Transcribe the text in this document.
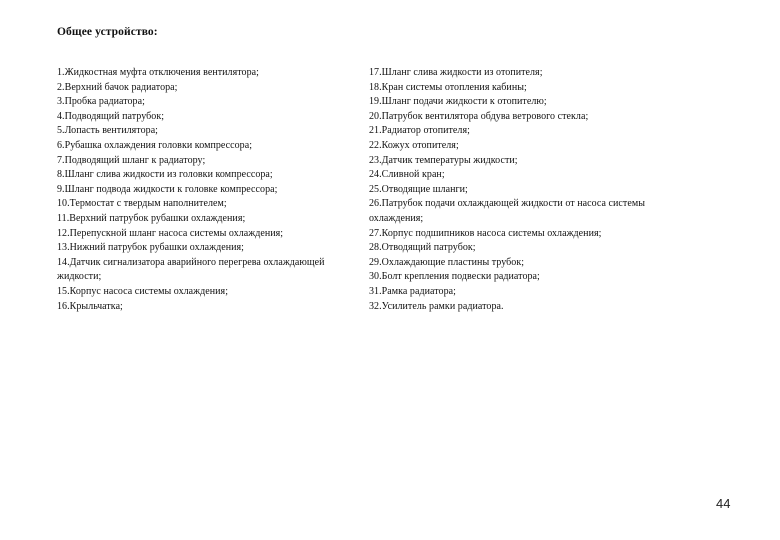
Общее устройство:
1.Жидкостная муфта отключения вентилятора;
2.Верхний бачок радиатора;
3.Пробка радиатора;
4.Подводящий патрубок;
5.Лопасть вентилятора;
6.Рубашка охлаждения головки компрессора;
7.Подводящий шланг к радиатору;
8.Шланг слива жидкости из головки компрессора;
9.Шланг подвода жидкости к головке компрессора;
10.Термостат с твердым наполнителем;
11.Верхний патрубок рубашки охлаждения;
12.Перепускной шланг насоса системы охлаждения;
13.Нижний патрубок рубашки охлаждения;
14.Датчик сигнализатора аварийного перегрева охлаждающей жидкости;
15.Корпус насоса системы охлаждения;
16.Крыльчатка;
17.Шланг слива жидкости из отопителя;
18.Кран системы отопления кабины;
19.Шланг подачи жидкости к отопителю;
20.Патрубок вентилятора обдува ветрового стекла;
21.Радиатор отопителя;
22.Кожух отопителя;
23.Датчик температуры жидкости;
24.Сливной кран;
25.Отводящие шланги;
26.Патрубок подачи охлаждающей жидкости от насоса системы охлаждения;
27.Корпус подшипников насоса системы охлаждения;
28.Отводящий патрубок;
29.Охлаждающие пластины трубок;
30.Болт крепления подвески радиатора;
31.Рамка радиатора;
32.Усилитель рамки радиатора.
44
